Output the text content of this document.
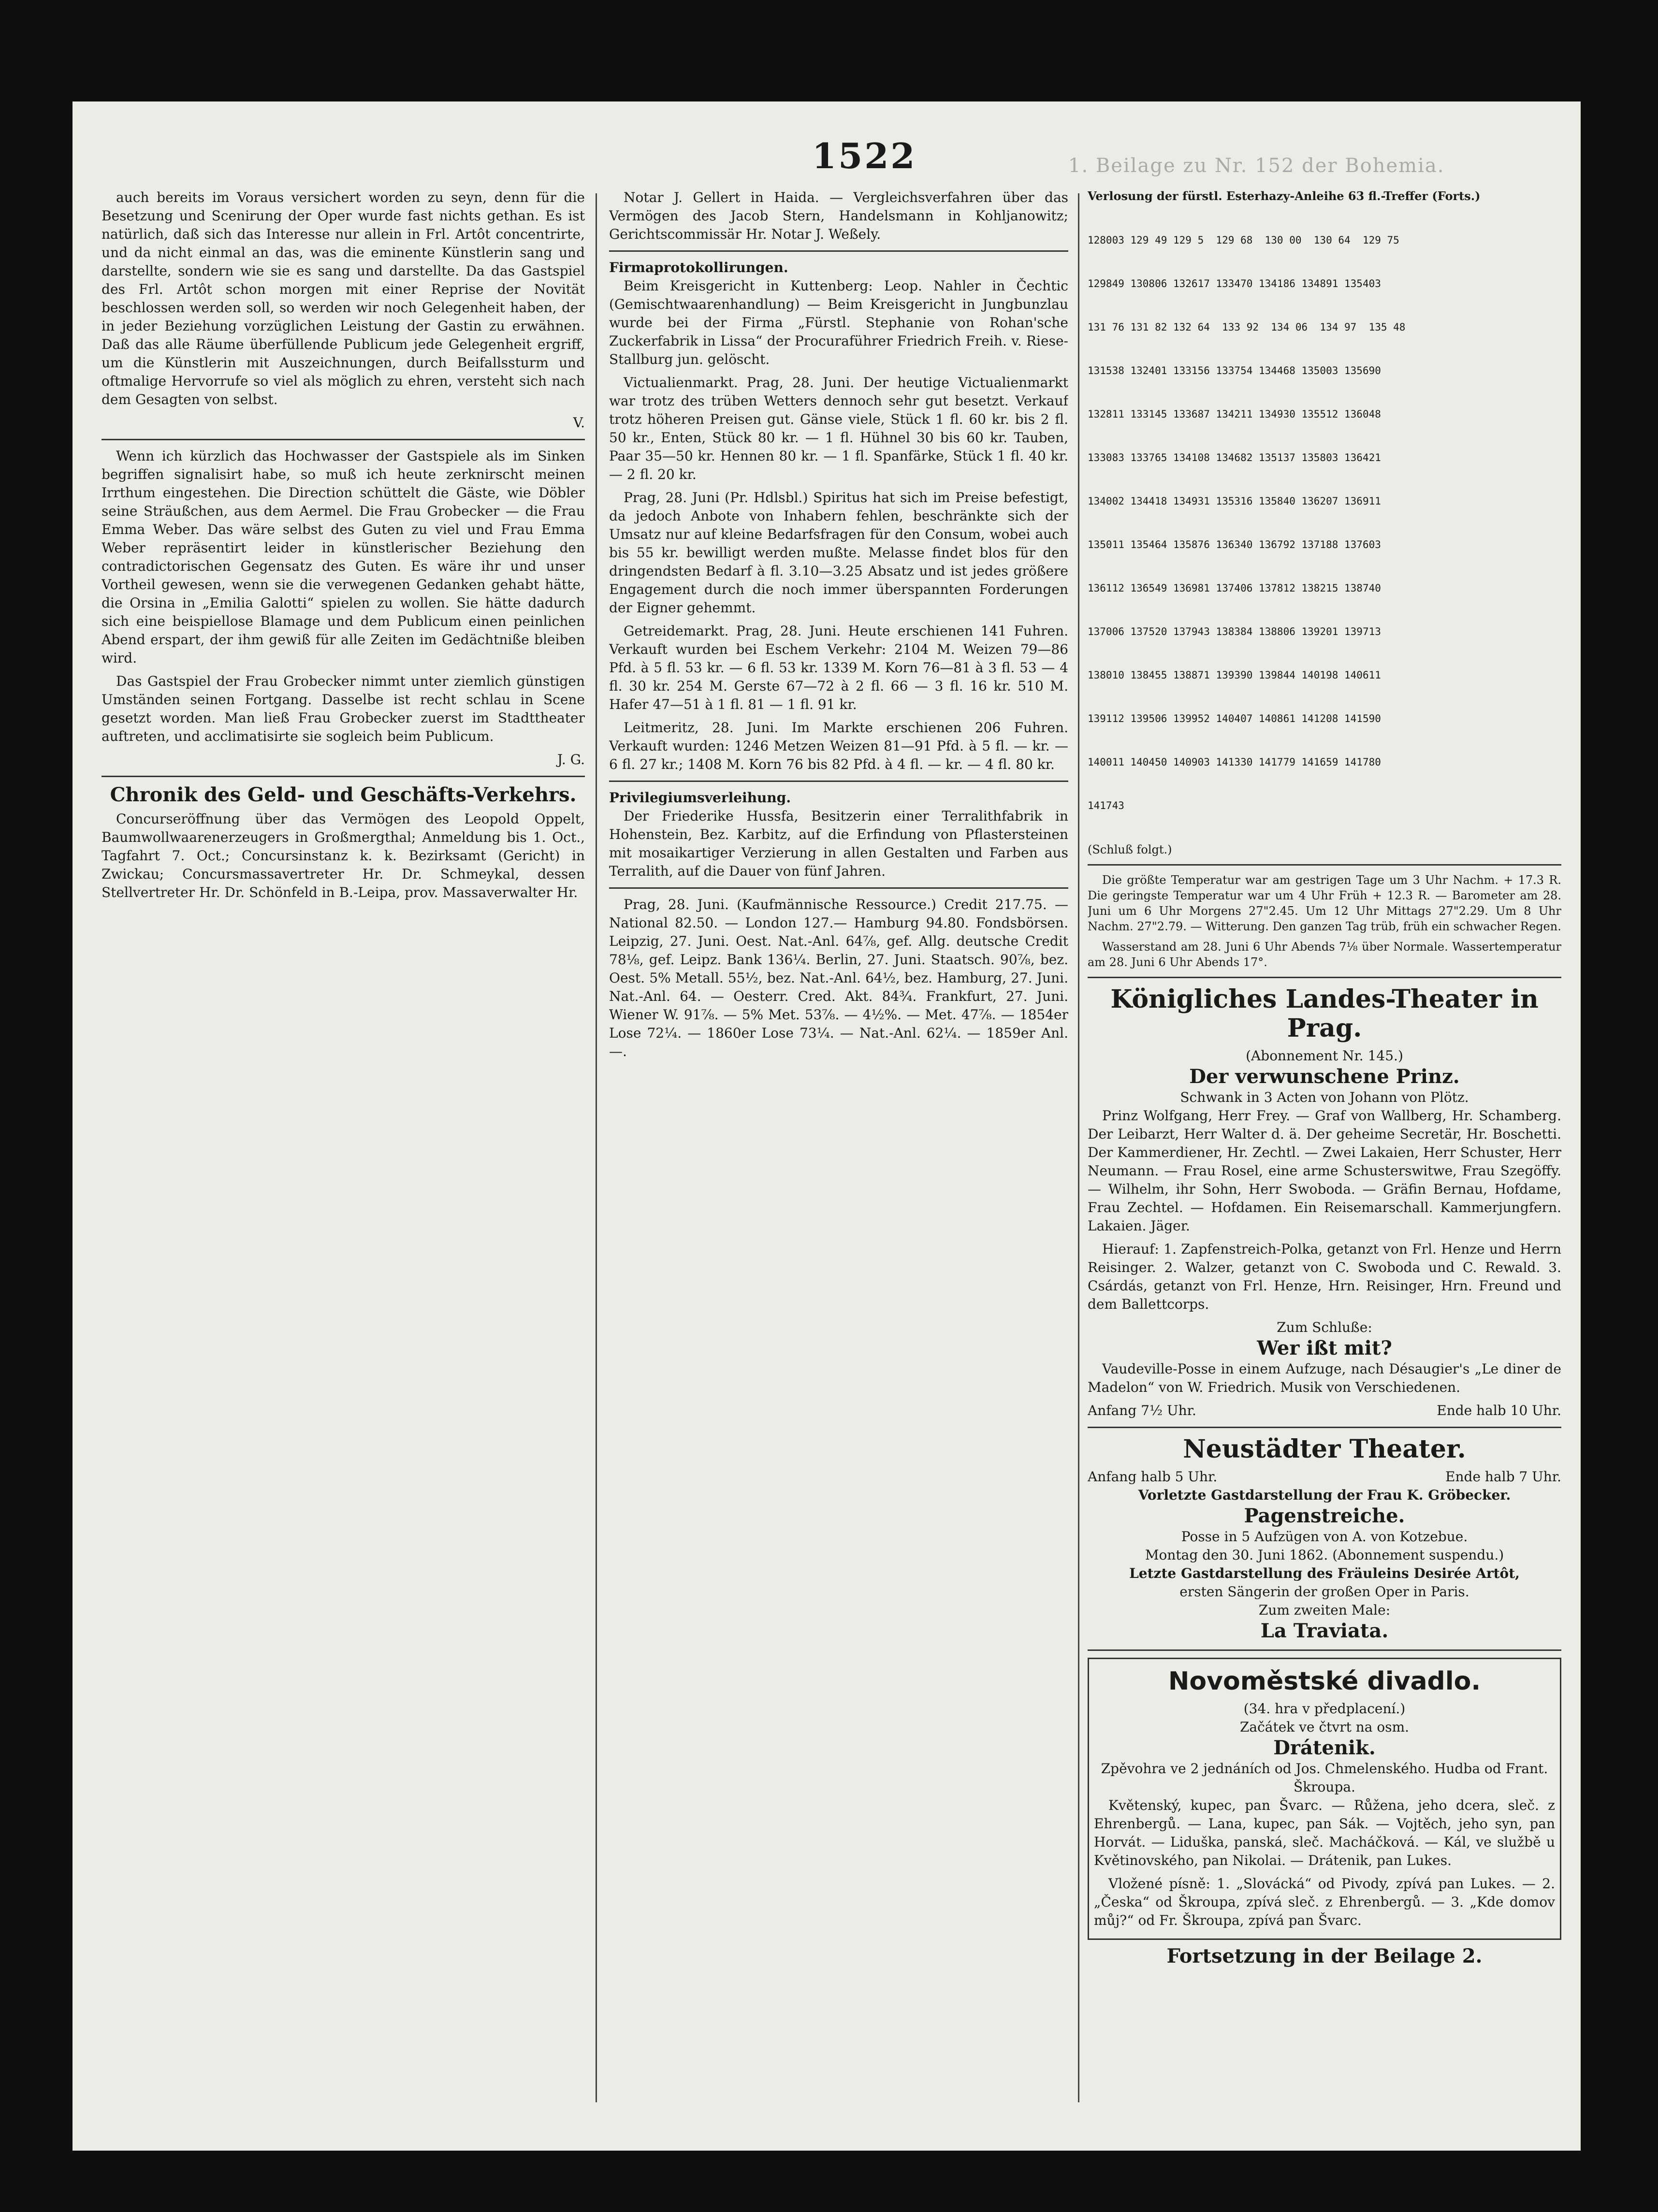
1522	1. Beilage zu Nr. 152 der Bohemia.

auch bereits im Voraus versichert worden zu seyn, denn für die Besetzung und Scenirung der Oper wurde fast nichts gethan. Es ist natürlich, daß sich das Interesse nur allein in Frl. Artôt concentrirte, und da nicht einmal an das, was die eminente Künstlerin sang und darstellte, sondern wie sie es sang und darstellte. Da das Gastspiel des Frl. Artôt schon morgen mit einer Reprise der Novität beschlossen werden soll, so werden wir noch Gelegenheit haben, der in jeder Beziehung vorzüglichen Leistung der Gastin zu erwähnen. Daß das alle Räume überfüllende Publicum jede Gelegenheit ergriff, um die Künstlerin mit Auszeichnungen, durch Beifallssturm und oftmalige Hervorrufe so viel als möglich zu ehren, versteht sich nach dem Gesagten von selbst.

V.

Wenn ich kürzlich das Hochwasser der Gastspiele als im Sinken begriffen signalisirt habe, so muß ich heute zerknirscht meinen Irrthum eingestehen. Die Direction schüttelt die Gäste, wie Döbler seine Sträußchen, aus dem Aermel. Die Frau Grobecker — die Frau Emma Weber. Das wäre selbst des Guten zu viel und Frau Emma Weber repräsentirt leider in künstlerischer Beziehung den contradictorischen Gegensatz des Guten. Es wäre ihr und unser Vortheil gewesen, wenn sie die verwegenen Gedanken gehabt hätte, die Orsina in „Emilia Galotti“ spielen zu wollen. Sie hätte dadurch sich eine beispiellose Blamage und dem Publicum einen peinlichen Abend erspart, der ihm gewiß für alle Zeiten im Gedächtniße bleiben wird.

Das Gastspiel der Frau Grobecker nimmt unter ziemlich günstigen Umständen seinen Fortgang. Dasselbe ist recht schlau in Scene gesetzt worden. Man ließ Frau Grobecker zuerst im Stadttheater auftreten, und acclimatisirte sie sogleich beim Publicum.

J. G.
Chronik des Geld- und Geschäfts-Verkehrs.

Concurseröffnung über das Vermögen des Leopold Oppelt, Baumwollwaarenerzeugers in Großmergthal; Anmeldung bis 1. Oct., Tagfahrt 7. Oct.; Concursinstanz k. k. Bezirksamt (Gericht) in Zwickau; Concursmassavertreter Hr. Dr. Schmeykal, dessen Stellvertreter Hr. Dr. Schönfeld in B.-Leipa, prov. Massaverwalter Hr.

Notar J. Gellert in Haida. — Vergleichsverfahren über das Vermögen des Jacob Stern, Handelsmann in Kohljanowitz; Gerichtscommissär Hr. Notar J. Weßely.

Firmaprotokollirungen.

Beim Kreisgericht in Kuttenberg: Leop. Nahler in Čechtic (Gemischtwaarenhandlung) — Beim Kreisgericht in Jungbunzlau wurde bei der Firma „Fürstl. Stephanie von Rohan'sche Zuckerfabrik in Lissa“ der Procuraführer Friedrich Freih. v. Riese-Stallburg jun. gelöscht.

Victualienmarkt. Prag, 28. Juni. Der heutige Victualienmarkt war trotz des trüben Wetters dennoch sehr gut besetzt. Verkauf trotz höheren Preisen gut. Gänse viele, Stück 1 fl. 60 kr. bis 2 fl. 50 kr., Enten, Stück 80 kr. — 1 fl. Hühnel 30 bis 60 kr. Tauben, Paar 35—50 kr. Hennen 80 kr. — 1 fl. Spanfärke, Stück 1 fl. 40 kr. — 2 fl. 20 kr.

Prag, 28. Juni (Pr. Hdlsbl.) Spiritus hat sich im Preise befestigt, da jedoch Anbote von Inhabern fehlen, beschränkte sich der Umsatz nur auf kleine Bedarfsfragen für den Consum, wobei auch bis 55 kr. bewilligt werden mußte. Melasse findet blos für den dringendsten Bedarf à fl. 3.10—3.25 Absatz und ist jedes größere Engagement durch die noch immer überspannten Forderungen der Eigner gehemmt.

Getreidemarkt. Prag, 28. Juni. Heute erschienen 141 Fuhren. Verkauft wurden bei Eschem Verkehr: 2104 M. Weizen 79—86 Pfd. à 5 fl. 53 kr. — 6 fl. 53 kr. 1339 M. Korn 76—81 à 3 fl. 53 — 4 fl. 30 kr. 254 M. Gerste 67—72 à 2 fl. 66 — 3 fl. 16 kr. 510 M. Hafer 47—51 à 1 fl. 81 — 1 fl. 91 kr.

Leitmeritz, 28. Juni. Im Markte erschienen 206 Fuhren. Verkauft wurden: 1246 Metzen Weizen 81—91 Pfd. à 5 fl. — kr. — 6 fl. 27 kr.; 1408 M. Korn 76 bis 82 Pfd. à 4 fl. — kr. — 4 fl. 80 kr.

Privilegiumsverleihung.

Der Friederike Hussfa, Besitzerin einer Terralithfabrik in Hohenstein, Bez. Karbitz, auf die Erfindung von Pflastersteinen mit mosaikartiger Verzierung in allen Gestalten und Farben aus Terralith, auf die Dauer von fünf Jahren.

Prag, 28. Juni. (Kaufmännische Ressource.) Credit 217.75. — National 82.50. — London 127.— Hamburg 94.80. Fondsbörsen. Leipzig, 27. Juni. Oest. Nat.-Anl. 64⅞, gef. Allg. deutsche Credit 78⅛, gef. Leipz. Bank 136¼. Berlin, 27. Juni. Staatsch. 90⅞, bez. Oest. 5% Metall. 55½, bez. Nat.-Anl. 64½, bez. Hamburg, 27. Juni. Nat.-Anl. 64. — Oesterr. Cred. Akt. 84¾. Frankfurt, 27. Juni. Wiener W. 91⅞. — 5% Met. 53⅞. — 4½%. — Met. 47⅞. — 1854er Lose 72¼. — 1860er Lose 73¼. — Nat.-Anl. 62¼. — 1859er Anl. —.

Verlosung der fürstl. Esterhazy-Anleihe 63 fl.-Treffer (Forts.)

128003 129 49 129 5  129 68  130 00  130 64  129 75

129849 130806 132617 133470 134186 134891 135403

131 76 131 82 132 64  133 92  134 06  134 97  135 48

131538 132401 133156 133754 134468 135003 135690

132811 133145 133687 134211 134930 135512 136048

133083 133765 134108 134682 135137 135803 136421

134002 134418 134931 135316 135840 136207 136911

135011 135464 135876 136340 136792 137188 137603

136112 136549 136981 137406 137812 138215 138740

137006 137520 137943 138384 138806 139201 139713

138010 138455 138871 139390 139844 140198 140611

139112 139506 139952 140407 140861 141208 141590

140011 140450 140903 141330 141779 141659 141780

141743

(Schluß folgt.)

Die größte Temperatur war am gestrigen Tage um 3 Uhr Nachm. + 17.3 R. Die geringste Temperatur war um 4 Uhr Früh + 12.3 R. — Barometer am 28. Juni um 6 Uhr Morgens 27"2.45. Um 12 Uhr Mittags 27"2.29. Um 8 Uhr Nachm. 27"2.79. — Witterung. Den ganzen Tag trüb, früh ein schwacher Regen.

Wasserstand am 28. Juni 6 Uhr Abends 7⅛ über Normale. Wassertemperatur am 28. Juni 6 Uhr Abends 17°.

Königliches Landes-Theater in Prag.
(Abonnement Nr. 145.)
Der verwunschene Prinz.
Schwank in 3 Acten von Johann von Plötz.

Prinz Wolfgang, Herr Frey. — Graf von Wallberg, Hr. Schamberg. Der Leibarzt, Herr Walter d. ä. Der geheime Secretär, Hr. Boschetti. Der Kammerdiener, Hr. Zechtl. — Zwei Lakaien, Herr Schuster, Herr Neumann. — Frau Rosel, eine arme Schusterswitwe, Frau Szegöffy. — Wilhelm, ihr Sohn, Herr Swoboda. — Gräfin Bernau, Hofdame, Frau Zechtel. — Hofdamen. Ein Reisemarschall. Kammerjungfern. Lakaien. Jäger.

Hierauf: 1. Zapfenstreich-Polka, getanzt von Frl. Henze und Herrn Reisinger. 2. Walzer, getanzt von C. Swoboda und C. Rewald. 3. Csárdás, getanzt von Frl. Henze, Hrn. Reisinger, Hrn. Freund und dem Ballettcorps.

Zum Schluße:
Wer ißt mit?

Vaudeville-Posse in einem Aufzuge, nach Désaugier's „Le diner de Madelon“ von W. Friedrich. Musik von Verschiedenen.

Anfang 7½ Uhr.	Ende halb 10 Uhr.
Neustädter Theater.
Anfang halb 5 Uhr.	Ende halb 7 Uhr.
Vorletzte Gastdarstellung der Frau K. Gröbecker.
Pagenstreiche.
Posse in 5 Aufzügen von A. von Kotzebue.
Montag den 30. Juni 1862. (Abonnement suspendu.)
Letzte Gastdarstellung des Fräuleins Desirée Artôt,
ersten Sängerin der großen Oper in Paris.
Zum zweiten Male:
La Traviata.
Novoměstské divadlo.
(34. hra v předplacení.)
Začátek ve čtvrt na osm.
Drátenik.
Zpěvohra ve 2 jednáních od Jos. Chmelenského. Hudba od Frant. Škroupa.

Květenský, kupec, pan Švarc. — Růžena, jeho dcera, sleč. z Ehrenbergů. — Lana, kupec, pan Sák. — Vojtěch, jeho syn, pan Horvát. — Liduška, panská, sleč. Macháčková. — Kál, ve službě u Květinovského, pan Nikolai. — Drátenik, pan Lukes.

Vložené písně: 1. „Slovácká“ od Pivody, zpívá pan Lukes. — 2. „Česka“ od Škroupa, zpívá sleč. z Ehrenbergů. — 3. „Kde domov můj?“ od Fr. Škroupa, zpívá pan Švarc.

Fortsetzung in der Beilage 2.
